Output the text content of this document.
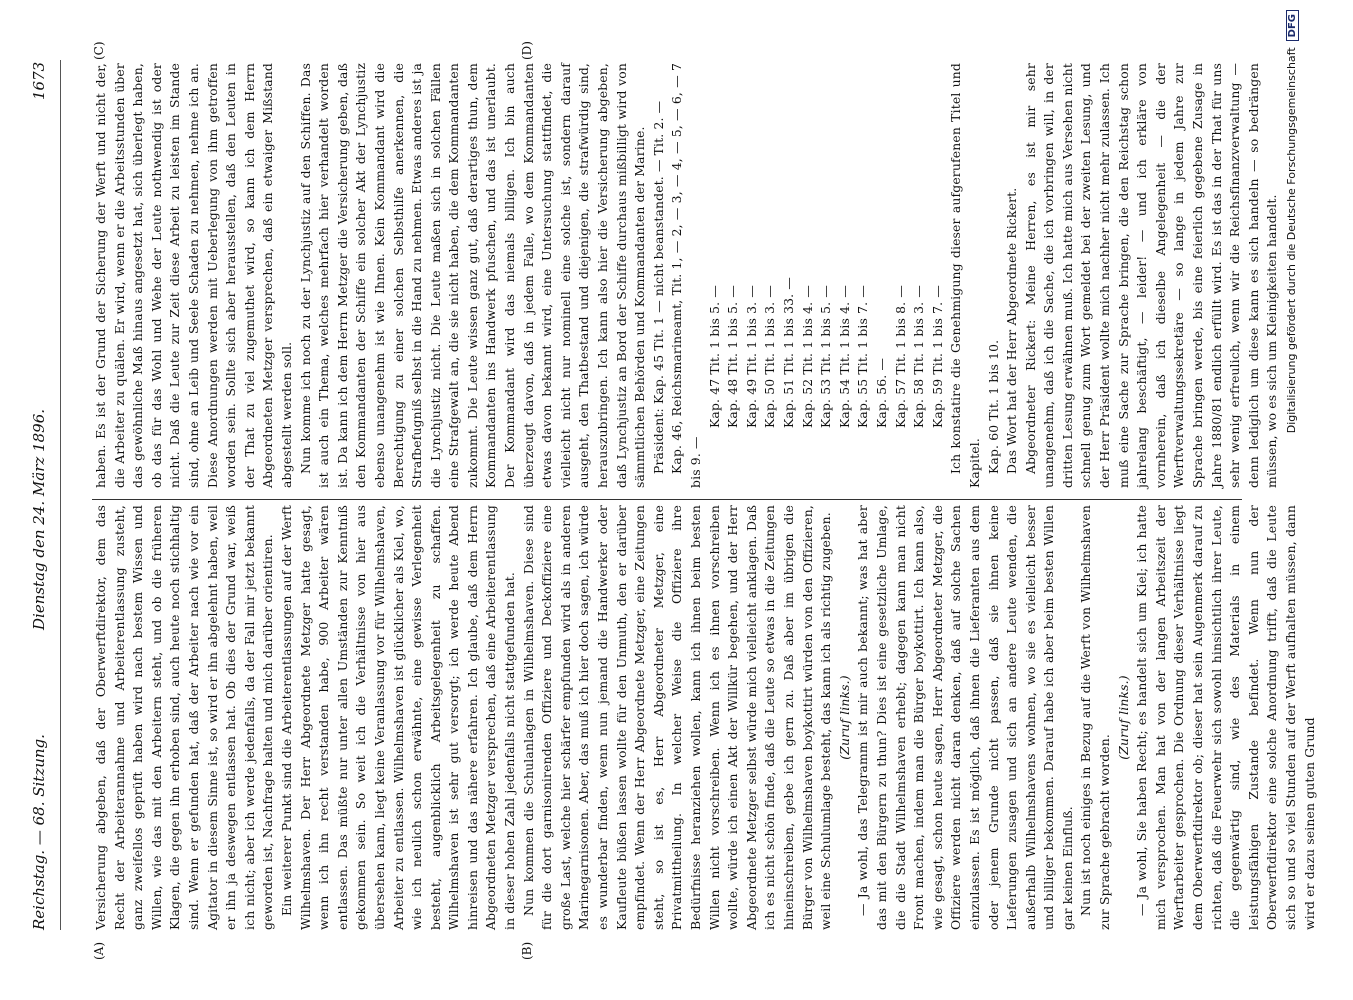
Reichstag. — 68. Sitzung.
Dienstag den 24. März 1896.
1673
(A)	(B)
(C)	(D)

Versicherung abgeben, daß der Oberwerftdirektor, dem das Recht der Arbeiterannahme und Arbeiterentlassung zusteht, ganz zweifellos geprüft haben wird nach bestem Wissen und Willen, wie das mit den Arbeitern steht, und ob die früheren Klagen, die gegen ihn erhoben sind, auch heute noch stichhaltig sind. Wenn er gefunden hat, daß der Arbeiter nach wie vor ein Agitator in diesem Sinne ist, so wird er ihn abgelehnt haben, weil er ihn ja deswegen entlassen hat. Ob dies der Grund war, weiß ich nicht; aber ich werde jedenfalls, da der Fall mir jetzt bekannt geworden ist, Nachfrage halten und mich darüber orientiren. Ein weiterer Punkt sind die Arbeiterentlassungen auf der Werft Wilhelmshaven. Der Herr Abgeordnete Metzger hatte gesagt, wenn ich ihn recht verstanden habe, 900 Arbeiter wären entlassen. Das müßte nur unter allen Umständen zur Kenntniß gekommen sein. So weit ich die Verhältnisse von hier aus übersehen kann, liegt keine Veranlassung vor für Wilhelmshaven, Arbeiter zu entlassen. Wilhelmshaven ist glücklicher als Kiel, wo, wie ich neulich schon erwähnte, eine gewisse Verlegenheit besteht, augenblicklich Arbeitsgelegenheit zu schaffen. Wilhelmshaven ist sehr gut versorgt; ich werde heute Abend hinreisen und das nähere erfahren. Ich glaube, daß dem Herrn Abgeordneten Metzger versprechen, daß eine Arbeiterentlassung in dieser hohen Zahl jedenfalls nicht stattgefunden hat. Nun kommen die Schulanlagen in Wilhelmshaven. Diese sind für die dort garnisonirenden Offiziere und Deckoffiziere eine große Last, welche hier schärfer empfunden wird als in anderen Marinegarnisonen. Aber, das muß ich hier doch sagen, ich würde es wunderbar finden, wenn nun jemand die Handwerker oder Kaufleute büßen lassen wollte für den Unmuth, den er darüber empfindet. Wenn der Herr Abgeordnete Metzger, eine Zeitungen steht, so ist es, Herr Abgeordneter Metzger, eine Privatmittheilung. In welcher Weise die Offiziere ihre Bedürfnisse heranziehen wollen, kann ich ihnen beim besten Willen nicht vorschreiben. Wenn ich es ihnen vorschreiben wollte, würde ich einen Akt der Willkür begehen, und der Herr Abgeordnete Metzger selbst würde mich vielleicht anklagen. Daß ich es nicht schön finde, daß die Leute so etwas in die Zeitungen hineinschreiben, gebe ich gern zu. Daß aber im übrigen die Bürger von Wilhelmshaven boykottirt würden von den Offizieren, weil eine Schulumlage besteht, das kann ich als richtig zugeben. (Zuruf links.) — Ja wohl, das Telegramm ist mir auch bekannt; was hat aber das mit den Bürgern zu thun? Dies ist eine gesetzliche Umlage, die die Stadt Wilhelmshaven erhebt; dagegen kann man nicht Front machen, indem man die Bürger boykottirt. Ich kann also, wie gesagt, schon heute sagen, Herr Abgeordneter Metzger, die Offiziere werden nicht daran denken, daß auf solche Sachen einzulassen. Es ist möglich, daß ihnen die Lieferanten aus dem oder jenem Grunde nicht passen, daß sie ihnen keine Lieferungen zusagen und sich an andere Leute wenden, die außerhalb Wilhelmshavens wohnen, wo sie es vielleicht besser und billiger bekommen. Darauf habe ich aber beim besten Willen gar keinen Einfluß. Nun ist noch einiges in Bezug auf die Werft von Wilhelmshaven zur Sprache gebracht worden.

(Zuruf links.) — Ja wohl, Sie haben Recht; es handelt sich um Kiel; ich hatte mich versprochen. Man hat von der langen Arbeitszeit der Werftarbeiter gesprochen. Die Ordnung dieser Verhältnisse liegt dem Oberwerftdirektor ob; dieser hat sein Augenmerk darauf zu richten, daß die Feuerwehr sich sowohl hinsichtlich ihrer Leute, die gegenwärtig sind, wie des Materials in einem leistungsfähigen Zustande befindet. Wenn nun der Oberwerftdirektor eine solche Anordnung trifft, daß die Leute sich so und so viel Stunden auf der Werft aufhalten müssen, dann wird er dazu seinen guten Grund

haben. Es ist der Grund der Sicherung der Werft und nicht der, die Arbeiter zu quälen. Er wird, wenn er die Arbeitsstunden über das gewöhnliche Maß hinaus angesetzt hat, sich überlegt haben, ob das für das Wohl und Wehe der Leute nothwendig ist oder nicht. Daß die Leute zur Zeit diese Arbeit zu leisten im Stande sind, ohne an Leib und Seele Schaden zu nehmen, nehme ich an. Diese Anordnungen werden mit Ueberlegung von ihm getroffen worden sein. Sollte sich aber herausstellen, daß den Leuten in der That zu viel zugemuthet wird, so kann ich dem Herrn Abgeordneten Metzger versprechen, daß ein etwaiger Mißstand abgestellt werden soll. Nun komme ich noch zu der Lynchjustiz auf den Schiffen. Das ist auch ein Thema, welches mehrfach hier verhandelt worden ist. Da kann ich dem Herrn Metzger die Versicherung geben, daß den Kommandanten der Schiffe ein solcher Akt der Lynchjustiz ebenso unangenehm ist wie Ihnen. Kein Kommandant wird die Berechtigung zu einer solchen Selbsthilfe anerkennen, die Strafbefugniß selbst in die Hand zu nehmen. Etwas anderes ist ja die Lynchjustiz nicht. Die Leute maßen sich in solchen Fällen eine Strafgewalt an, die sie nicht haben, die dem Kommandanten zukommt. Die Leute wissen ganz gut, daß derartiges thun, dem Kommandanten ins Handwerk pfuschen, und das ist unerlaubt. Der Kommandant wird das niemals billigen. Ich bin auch überzeugt davon, daß in jedem Falle, wo dem Kommandanten etwas davon bekannt wird, eine Untersuchung stattfindet, die vielleicht nicht nur nominell eine solche ist, sondern darauf ausgeht, den Thatbestand und diejenigen, die strafwürdig sind, herauszubringen. Ich kann also hier die Versicherung abgeben, daß Lynchjustiz an Bord der Schiffe durchaus mißbilligt wird von sämmtlichen Behörden und Kommandanten der Marine. Präsident: Kap. 45 Tit. 1 — nicht beanstandet. — Tit. 2. — Kap. 46, Reichsmarineamt, Tit. 1, — 2, — 3, — 4, — 5, — 6, — 7 bis 9. —

Kap. 47 Tit. 1 bis 5. — Kap. 48 Tit. 1 bis 5. — Kap. 49 Tit. 1 bis 3. — Kap. 50 Tit. 1 bis 3. — Kap. 51 Tit. 1 bis 33. — Kap. 52 Tit. 1 bis 4. — Kap. 53 Tit. 1 bis 5. — Kap. 54 Tit. 1 bis 4. — Kap. 55 Tit. 1 bis 7. — Kap. 56. — Kap. 57 Tit. 1 bis 8. — Kap. 58 Tit. 1 bis 3. — Kap. 59 Tit. 1 bis 7. — Ich konstatire die Genehmigung dieser aufgerufenen Titel und Kapitel. Kap. 60 Tit. 1 bis 10. Das Wort hat der Herr Abgeordnete Rickert. Abgeordneter Rickert: Meine Herren, es ist mir sehr unangenehm, daß ich die Sache, die ich vorbringen will, in der dritten Lesung erwähnen muß. Ich hatte mich aus Versehen nicht schnell genug zum Wort gemeldet bei der zweiten Lesung, und der Herr Präsident wollte mich nachher nicht mehr zulassen. Ich muß eine Sache zur Sprache bringen, die den Reichstag schon jahrelang beschäftigt, — leider! — und ich erkläre von vornherein, daß ich dieselbe Angelegenheit — die der Werftverwaltungssekretäre — so lange in jedem Jahre zur Sprache bringen werde, bis eine feierlich gegebene Zusage in Jahre 1880/81 endlich erfüllt wird. Es ist das in der That für uns sehr wenig erfreulich, wenn wir die Reichsfinanzverwaltung — denn lediglich um diese kann es sich handeln — so bedrängen müssen, wo es sich um Kleinigkeiten handelt. Digitalisierung gefördert durch die Deutsche ForschungsgemeinschaftDFG
